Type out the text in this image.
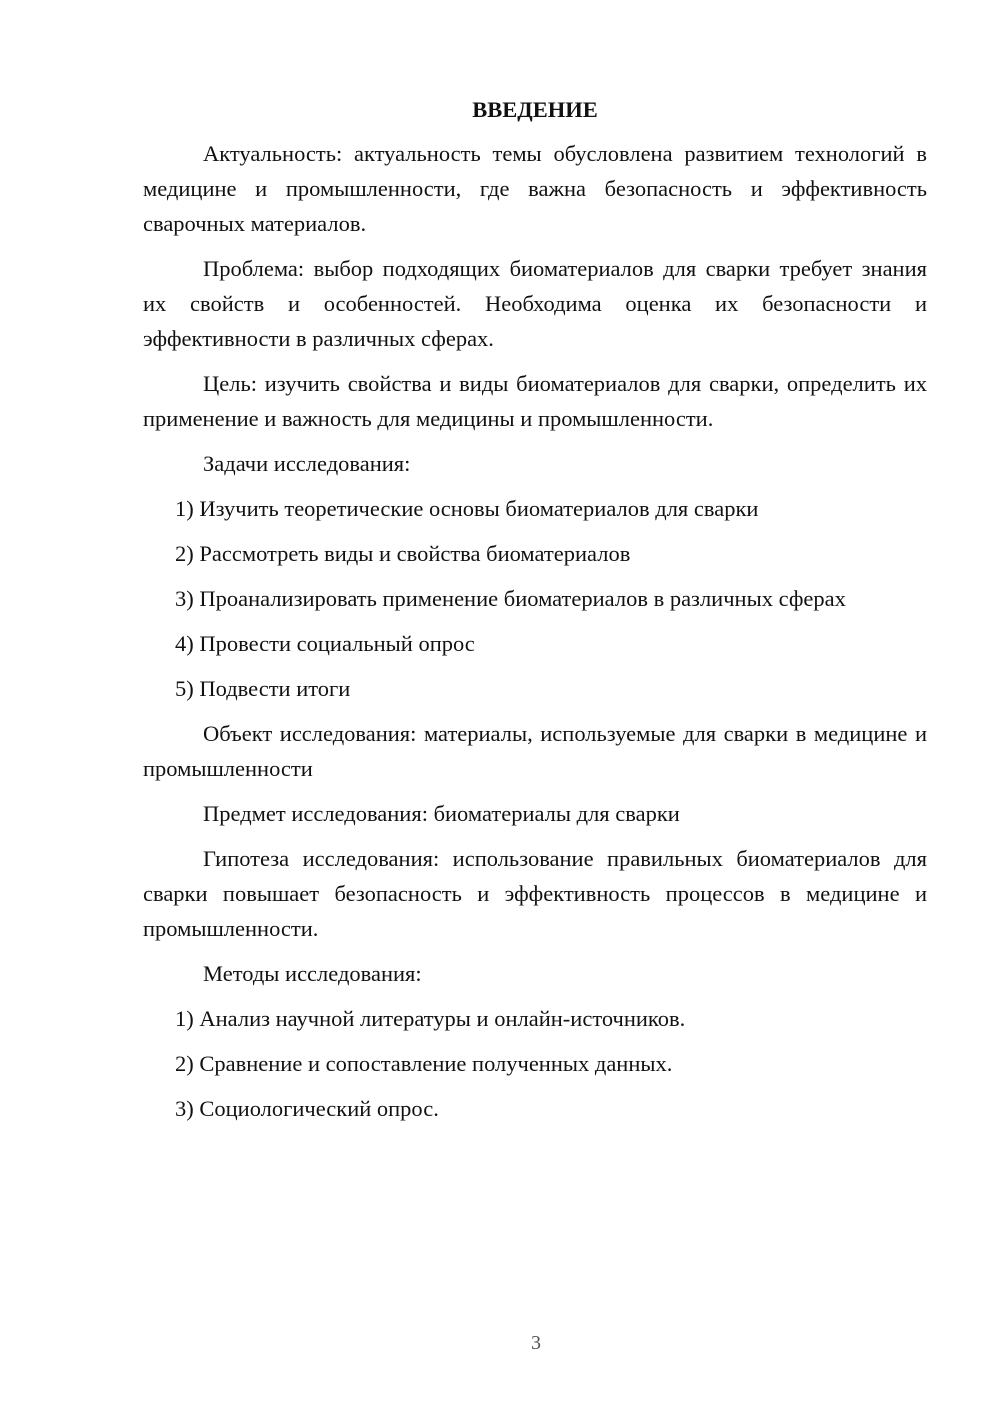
ВВЕДЕНИЕ

Актуальность: актуальность темы обусловлена развитием технологий в медицине и промышленности, где важна безопасность и эффективность сварочных материалов.

Проблема: выбор подходящих биоматериалов для сварки требует знания их свойств и особенностей. Необходима оценка их безопасности и эффективности в различных сферах.

Цель: изучить свойства и виды биоматериалов для сварки, определить их применение и важность для медицины и промышленности.

Задачи исследования:

1) Изучить теоретические основы биоматериалов для сварки
2) Рассмотреть виды и свойства биоматериалов
3) Проанализировать применение биоматериалов в различных сферах
4) Провести социальный опрос
5) Подвести итоги

Объект исследования: материалы, используемые для сварки в медицине и промышленности

Предмет исследования: биоматериалы для сварки

Гипотеза исследования: использование правильных биоматериалов для сварки повышает безопасность и эффективность процессов в медицине и промышленности.

Методы исследования:

1) Анализ научной литературы и онлайн-источников.
2) Сравнение и сопоставление полученных данных.
3) Социологический опрос.
3
